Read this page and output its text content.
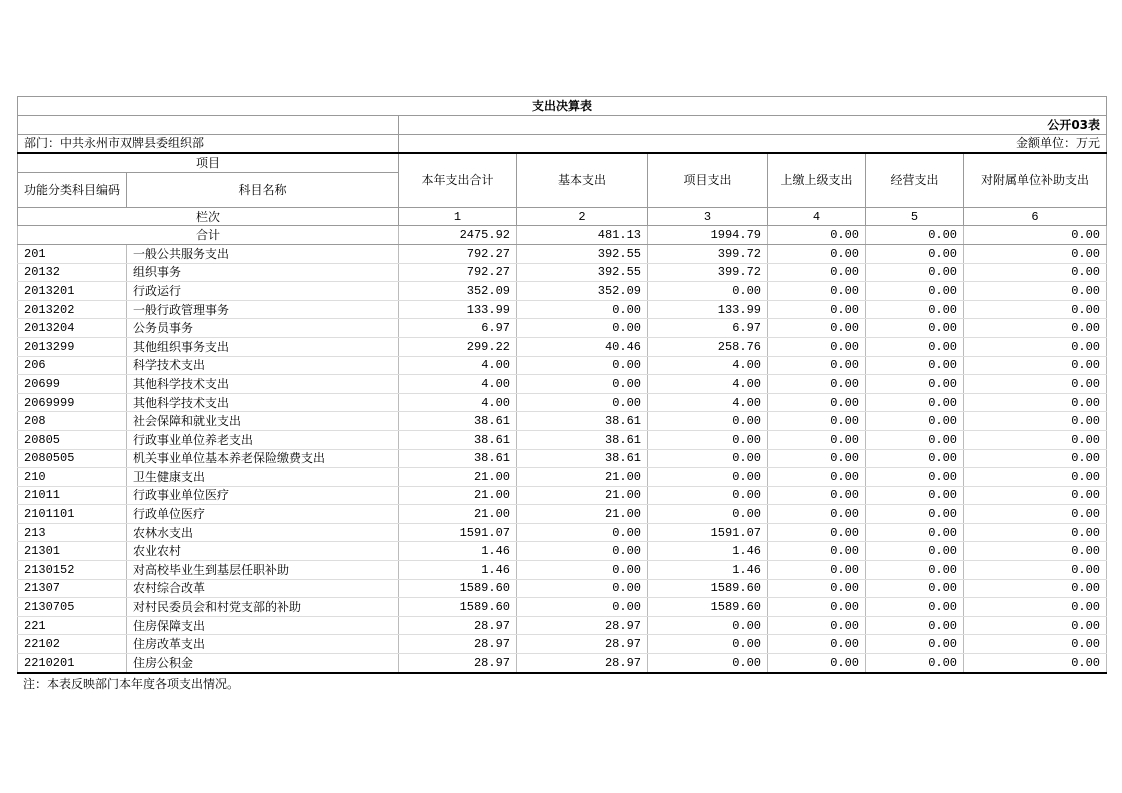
支出决算表							
		公开03表					
部门：中共永州市双牌县委组织部		金额单位：万元					
项目		本年支出合计	基本支出	项目支出	上缴上级支出	经营支出	对附属单位补助支出
功能分类科目编码	科目名称						
栏次		1	2	3	4	5	6
合计		2475.92	481.13	1994.79	0.00	0.00	0.00
201	一般公共服务支出	792.27	392.55	399.72	0.00	0.00	0.00
20132	组织事务	792.27	392.55	399.72	0.00	0.00	0.00
2013201	行政运行	352.09	352.09	0.00	0.00	0.00	0.00
2013202	一般行政管理事务	133.99	0.00	133.99	0.00	0.00	0.00
2013204	公务员事务	6.97	0.00	6.97	0.00	0.00	0.00
2013299	其他组织事务支出	299.22	40.46	258.76	0.00	0.00	0.00
206	科学技术支出	4.00	0.00	4.00	0.00	0.00	0.00
20699	其他科学技术支出	4.00	0.00	4.00	0.00	0.00	0.00
2069999	其他科学技术支出	4.00	0.00	4.00	0.00	0.00	0.00
208	社会保障和就业支出	38.61	38.61	0.00	0.00	0.00	0.00
20805	行政事业单位养老支出	38.61	38.61	0.00	0.00	0.00	0.00
2080505	机关事业单位基本养老保险缴费支出	38.61	38.61	0.00	0.00	0.00	0.00
210	卫生健康支出	21.00	21.00	0.00	0.00	0.00	0.00
21011	行政事业单位医疗	21.00	21.00	0.00	0.00	0.00	0.00
2101101	行政单位医疗	21.00	21.00	0.00	0.00	0.00	0.00
213	农林水支出	1591.07	0.00	1591.07	0.00	0.00	0.00
21301	农业农村	1.46	0.00	1.46	0.00	0.00	0.00
2130152	对高校毕业生到基层任职补助	1.46	0.00	1.46	0.00	0.00	0.00
21307	农村综合改革	1589.60	0.00	1589.60	0.00	0.00	0.00
2130705	对村民委员会和村党支部的补助	1589.60	0.00	1589.60	0.00	0.00	0.00
221	住房保障支出	28.97	28.97	0.00	0.00	0.00	0.00
22102	住房改革支出	28.97	28.97	0.00	0.00	0.00	0.00
2210201	住房公积金	28.97	28.97	0.00	0.00	0.00	0.00
注：本表反映部门本年度各项支出情况。
